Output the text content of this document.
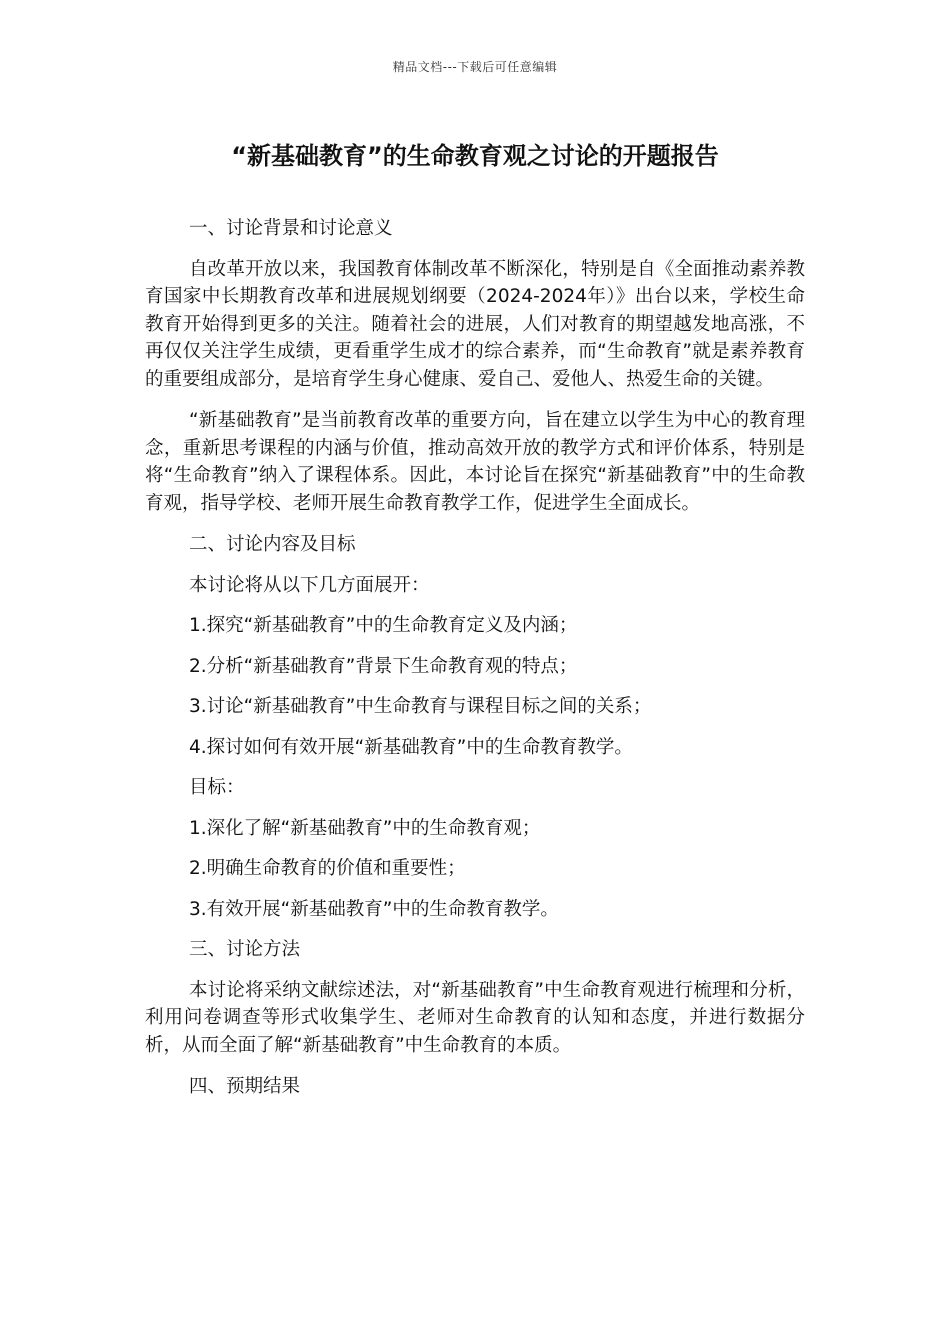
精品文档---下载后可任意编辑
“新基础教育”的生命教育观之讨论的开题报告

一、讨论背景和讨论意义

自改革开放以来，我国教育体制改革不断深化，特别是自《全面推动素养教育国家中长期教育改革和进展规划纲要（2024-2024年）》出台以来，学校生命教育开始得到更多的关注。随着社会的进展，人们对教育的期望越发地高涨，不再仅仅关注学生成绩，更看重学生成才的综合素养，而“生命教育”就是素养教育的重要组成部分，是培育学生身心健康、爱自己、爱他人、热爱生命的关键。

“新基础教育”是当前教育改革的重要方向，旨在建立以学生为中心的教育理念，重新思考课程的内涵与价值，推动高效开放的教学方式和评价体系，特别是将“生命教育”纳入了课程体系。因此，本讨论旨在探究“新基础教育”中的生命教育观，指导学校、老师开展生命教育教学工作，促进学生全面成长。

二、讨论内容及目标

本讨论将从以下几方面展开：

1.探究“新基础教育”中的生命教育定义及内涵；

2.分析“新基础教育”背景下生命教育观的特点；

3.讨论“新基础教育”中生命教育与课程目标之间的关系；

4.探讨如何有效开展“新基础教育”中的生命教育教学。

目标：

1.深化了解“新基础教育”中的生命教育观；

2.明确生命教育的价值和重要性；

3.有效开展“新基础教育”中的生命教育教学。

三、讨论方法

本讨论将采纳文献综述法，对“新基础教育”中生命教育观进行梳理和分析，利用问卷调查等形式收集学生、老师对生命教育的认知和态度，并进行数据分析，从而全面了解“新基础教育”中生命教育的本质。

四、预期结果
